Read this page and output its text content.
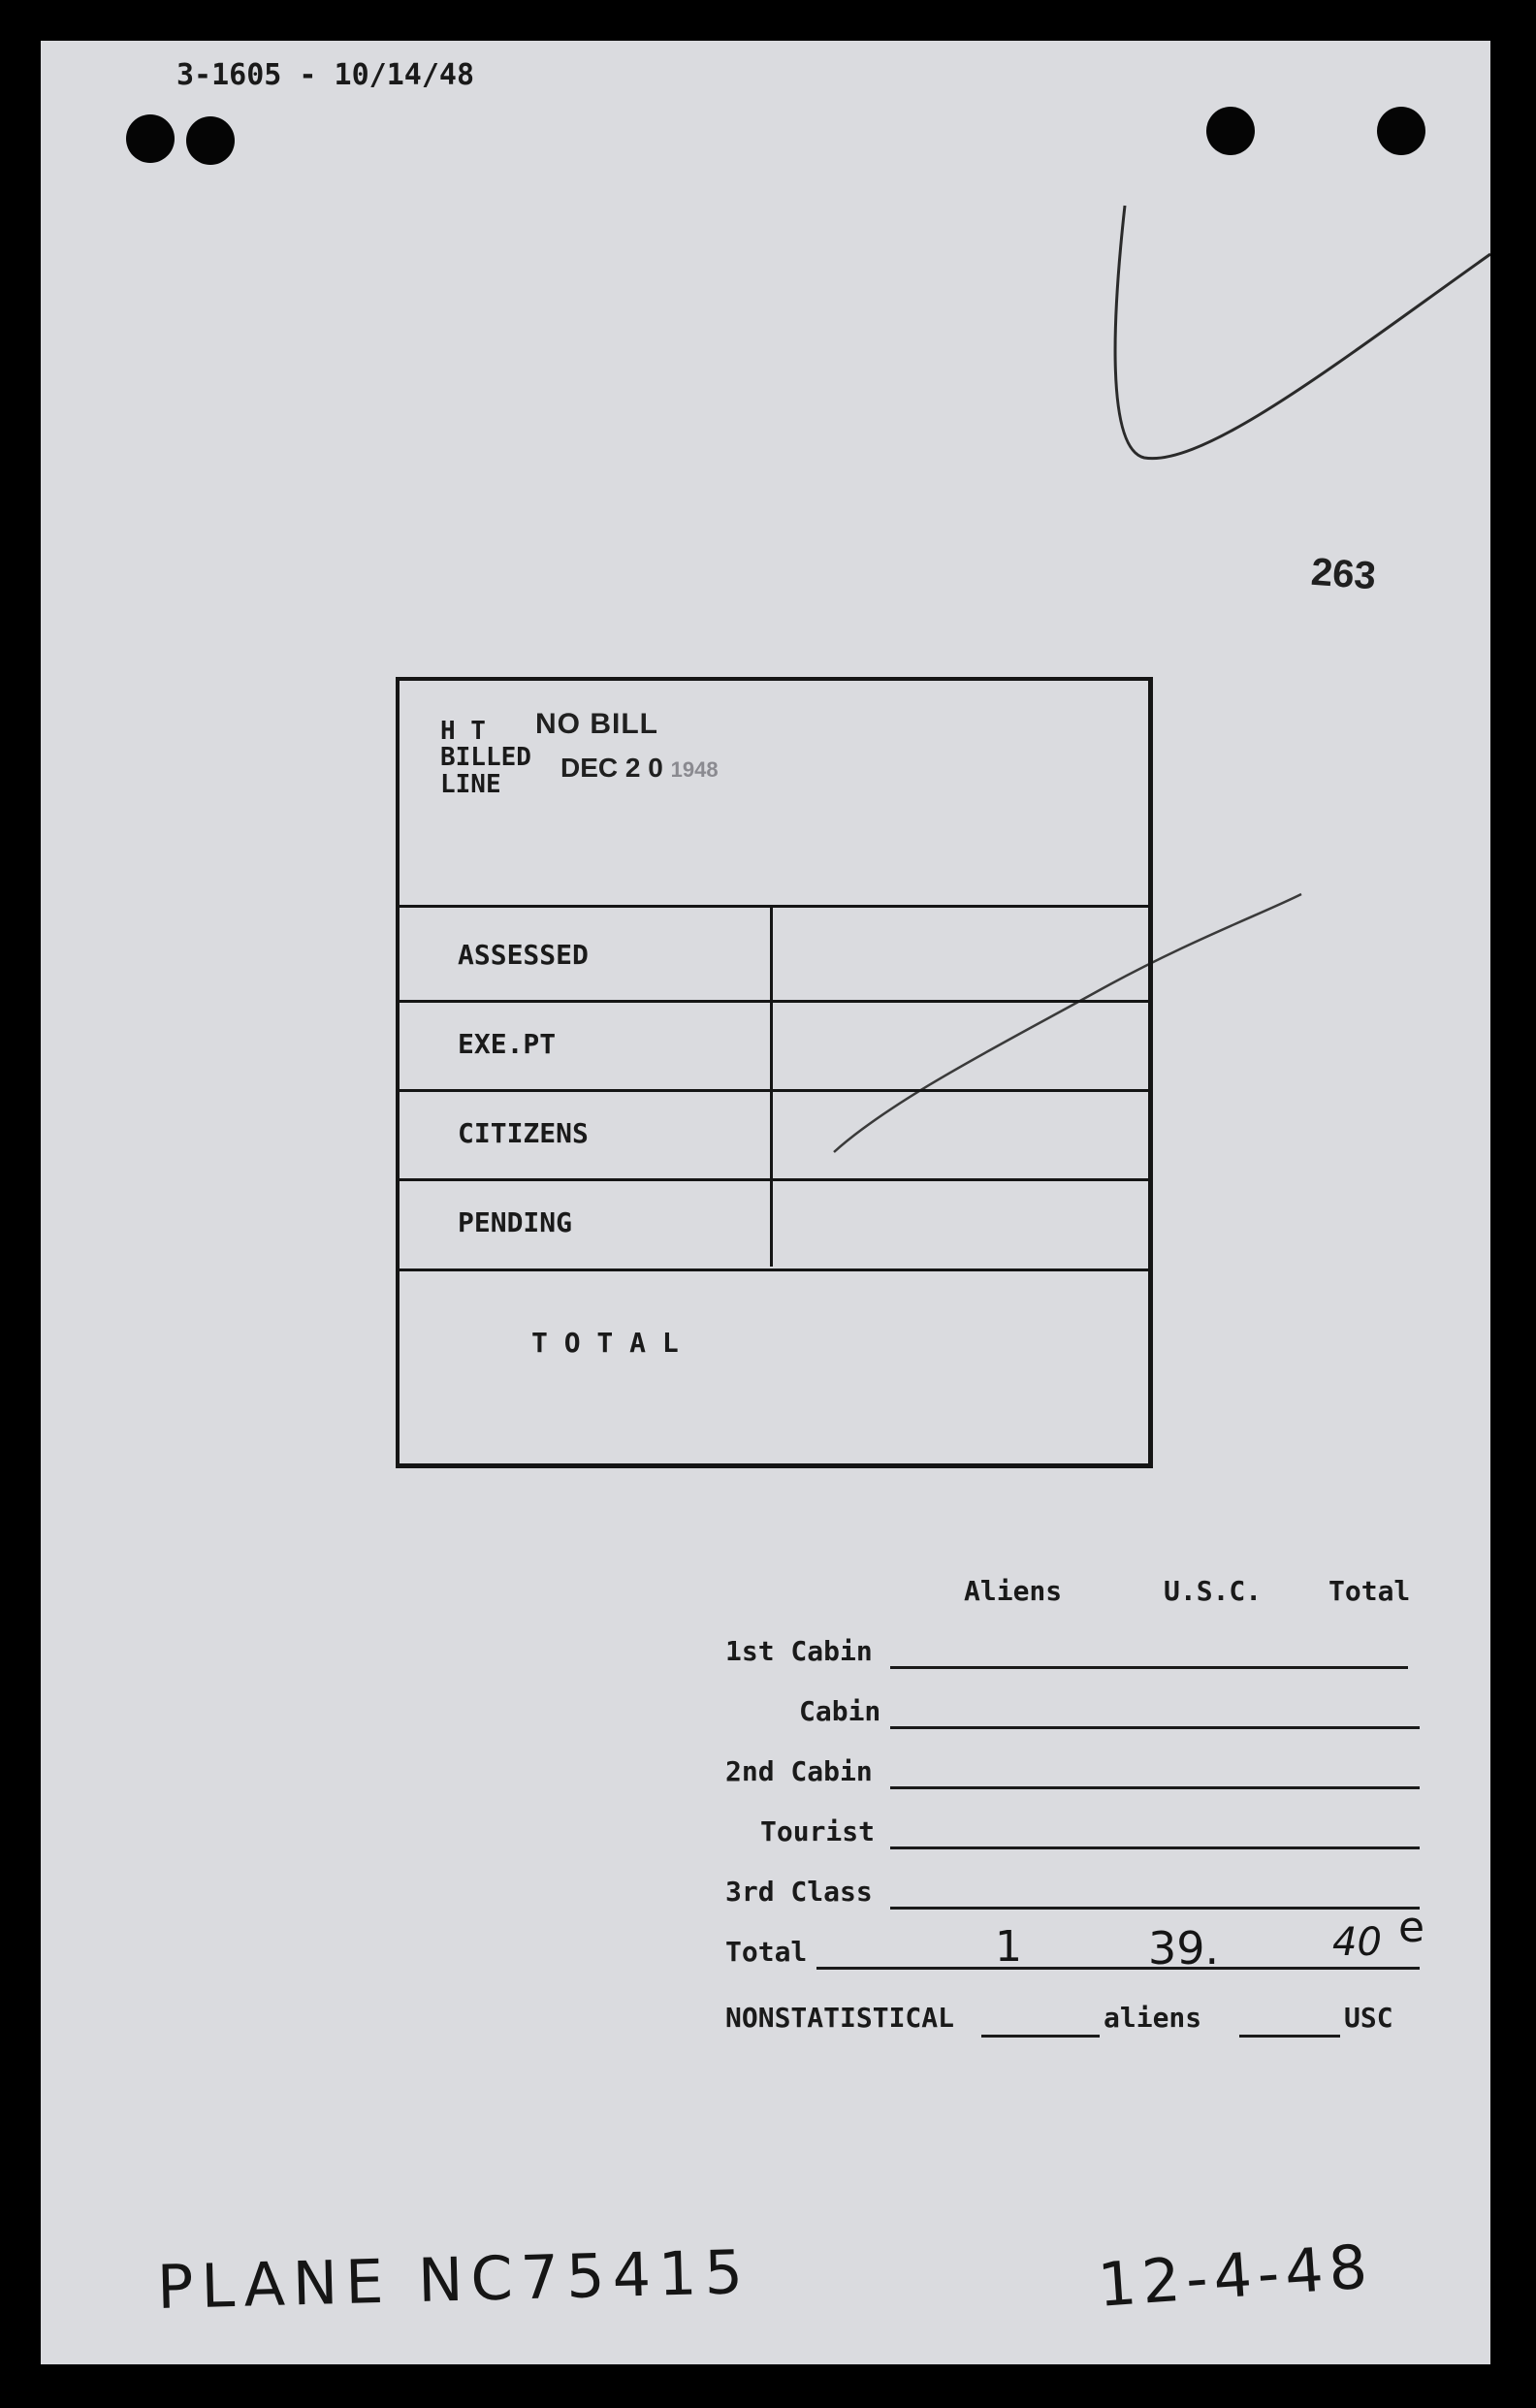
3-1605 - 10/14/48
263
H T
BILLED
LINE
NO BILL
DEC 2 0 1948
ASSESSED
EXE.PT
CITIZENS
PENDING
T O T A L
Aliens	U.S.C. Total
1st Cabin
Cabin
2nd Cabin
Tourist
3rd Class
Total	1	39.	40 e
NONSTATISTICAL	aliens	USC
PLANE NC75415	12-4-48
